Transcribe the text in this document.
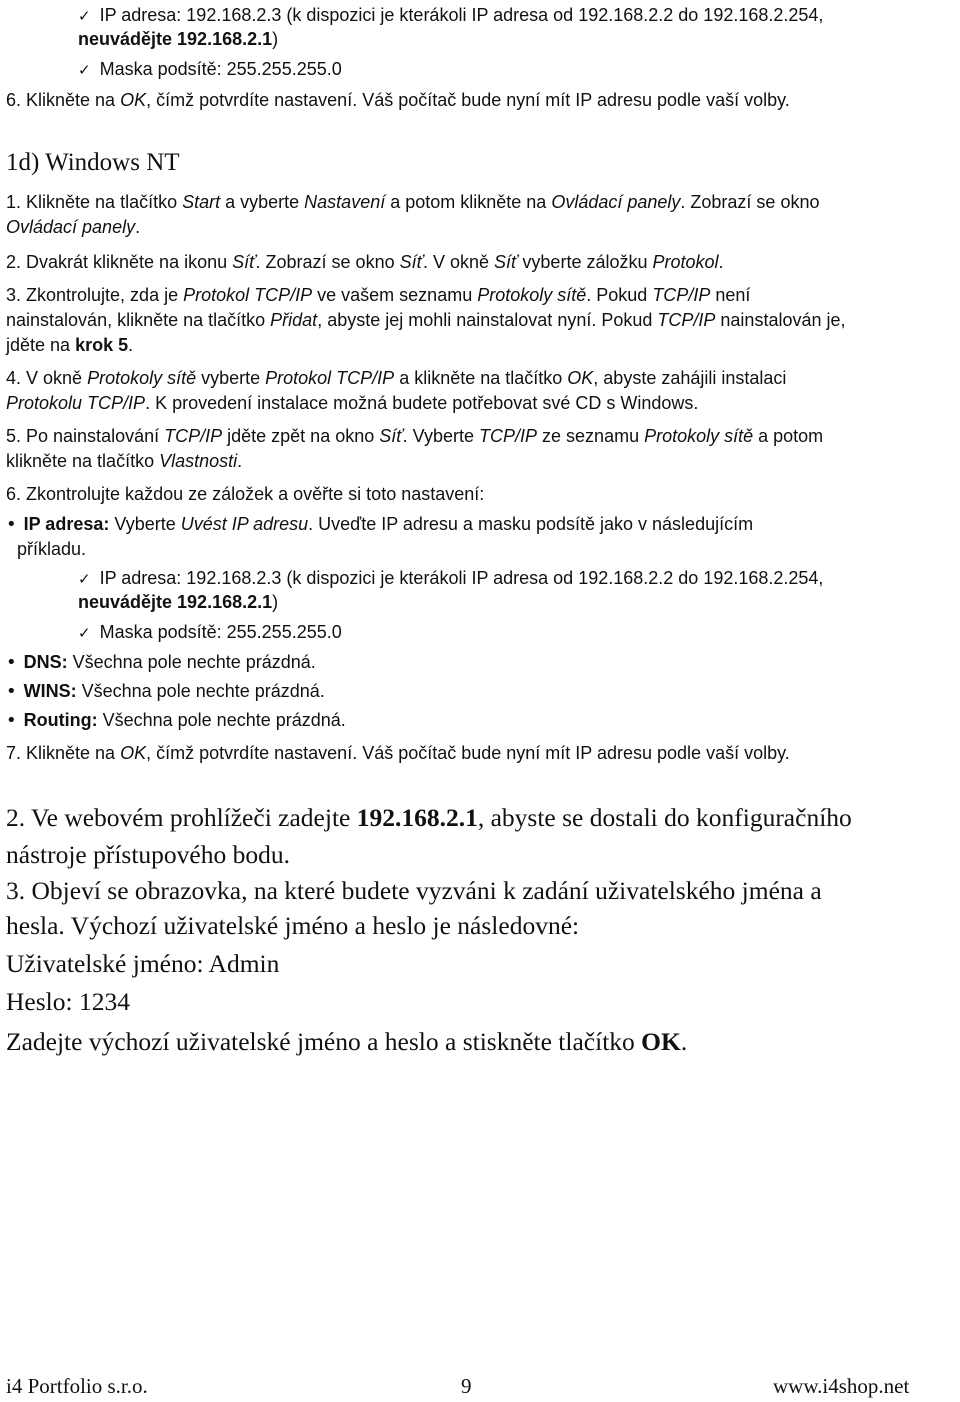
✓ IP adresa: 192.168.2.3 (k dispozici je kterákoli IP adresa od 192.168.2.2 do 192.168.2.254,
neuvádějte 192.168.2.1)
✓ Maska podsítě: 255.255.255.0
6. Klikněte na OK, čímž potvrdíte nastavení. Váš počítač bude nyní mít IP adresu podle vaší volby.
1d) Windows NT
1. Klikněte na tlačítko Start a vyberte Nastavení a potom klikněte na Ovládací panely. Zobrazí se okno
Ovládací panely.
2. Dvakrát klikněte na ikonu Síť. Zobrazí se okno Síť. V okně Síť vyberte záložku Protokol.
3. Zkontrolujte, zda je Protokol TCP/IP ve vašem seznamu Protokoly sítě. Pokud TCP/IP není
nainstalován, klikněte na tlačítko Přidat, abyste jej mohli nainstalovat nyní. Pokud TCP/IP nainstalován je,
jděte na krok 5.
4. V okně Protokoly sítě vyberte Protokol TCP/IP a klikněte na tlačítko OK, abyste zahájili instalaci
Protokolu TCP/IP. K provedení instalace možná budete potřebovat své CD s Windows.
5. Po nainstalování TCP/IP jděte zpět na okno Síť. Vyberte TCP/IP ze seznamu Protokoly sítě a potom
klikněte na tlačítko Vlastnosti.
6. Zkontrolujte každou ze záložek a ověřte si toto nastavení:
• IP adresa: Vyberte Uvést IP adresu. Uveďte IP adresu a masku podsítě jako v následujícím
příkladu.
✓ IP adresa: 192.168.2.3 (k dispozici je kterákoli IP adresa od 192.168.2.2 do 192.168.2.254,
neuvádějte 192.168.2.1)
✓ Maska podsítě: 255.255.255.0
• DNS: Všechna pole nechte prázdná.
• WINS: Všechna pole nechte prázdná.
• Routing: Všechna pole nechte prázdná.
7. Klikněte na OK, čímž potvrdíte nastavení. Váš počítač bude nyní mít IP adresu podle vaší volby.
2. Ve webovém prohlížeči zadejte 192.168.2.1, abyste se dostali do konfiguračního
nástroje přístupového bodu.
3. Objeví se obrazovka, na které budete vyzváni k zadání uživatelského jména a
hesla. Výchozí uživatelské jméno a heslo je následovné:
Uživatelské jméno: Admin
Heslo: 1234
Zadejte výchozí uživatelské jméno a heslo a stiskněte tlačítko OK.
i4 Portfolio s.r.o.	9	www.i4shop.net
